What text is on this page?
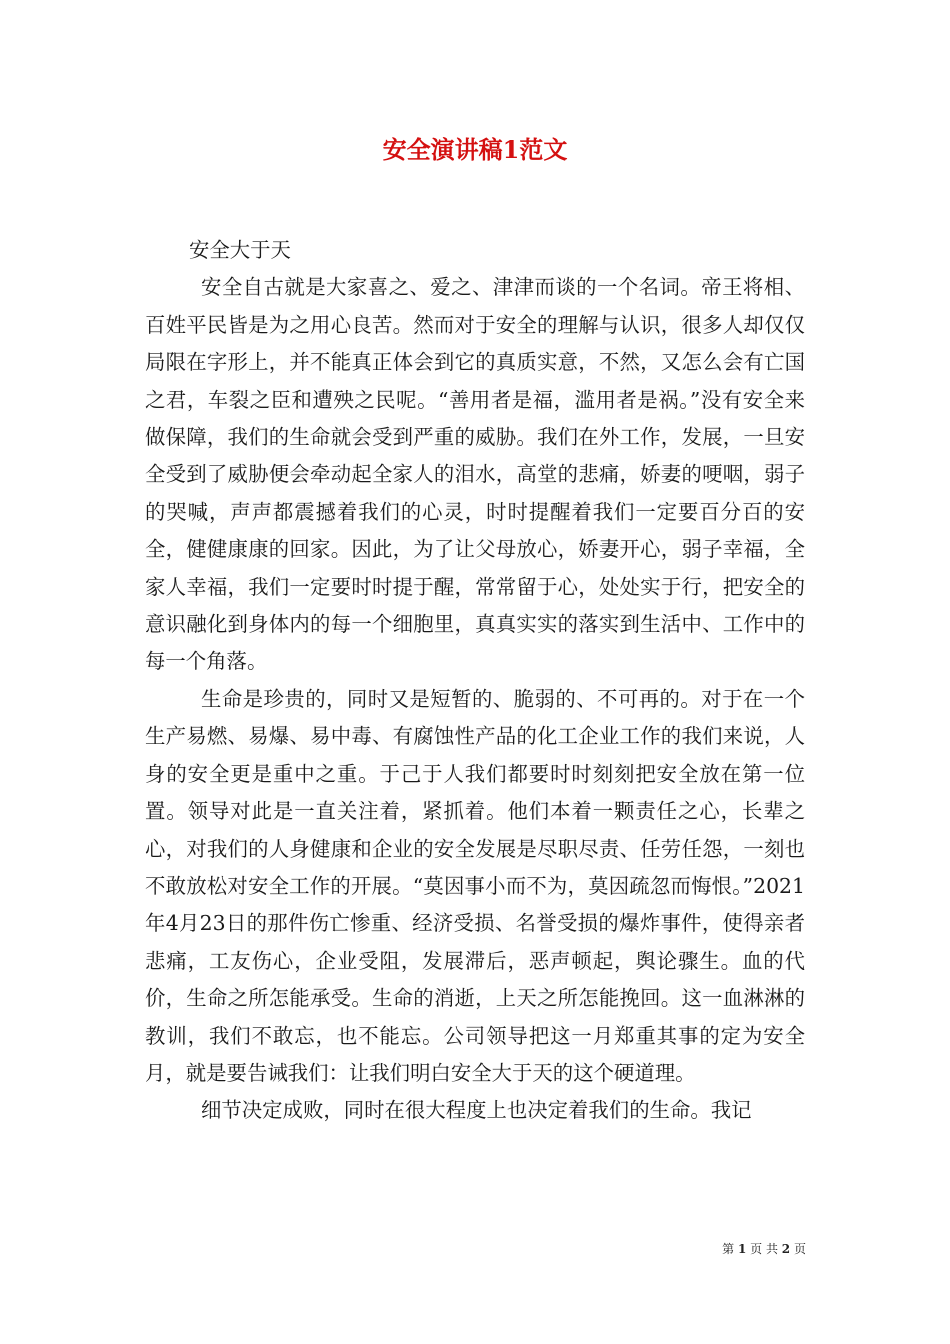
安全演讲稿1范文

安全大于天

安全自古就是大家喜之、爱之、津津而谈的一个名词。帝王将相、百姓平民皆是为之用心良苦。然而对于安全的理解与认识，很多人却仅仅局限在字形上，并不能真正体会到它的真质实意，不然，又怎么会有亡国之君，车裂之臣和遭殃之民呢。“善用者是福，滥用者是祸。”没有安全来做保障，我们的生命就会受到严重的威胁。我们在外工作，发展，一旦安全受到了威胁便会牵动起全家人的泪水，高堂的悲痛，娇妻的哽咽，弱子的哭喊，声声都震撼着我们的心灵，时时提醒着我们一定要百分百的安全，健健康康的回家。因此，为了让父母放心，娇妻开心，弱子幸福，全家人幸福，我们一定要时时提于醒，常常留于心，处处实于行，把安全的意识融化到身体内的每一个细胞里，真真实实的落实到生活中、工作中的每一个角落。

生命是珍贵的，同时又是短暂的、脆弱的、不可再的。对于在一个生产易燃、易爆、易中毒、有腐蚀性产品的化工企业工作的我们来说，人身的安全更是重中之重。于己于人我们都要时时刻刻把安全放在第一位置。领导对此是一直关注着，紧抓着。他们本着一颗责任之心，长辈之心，对我们的人身健康和企业的安全发展是尽职尽责、任劳任怨，一刻也不敢放松对安全工作的开展。“莫因事小而不为，莫因疏忽而悔恨。”2021年4月23日的那件伤亡惨重、经济受损、名誉受损的爆炸事件，使得亲者悲痛，工友伤心，企业受阻，发展滞后，恶声顿起，舆论骤生。血的代价，生命之所怎能承受。生命的消逝，上天之所怎能挽回。这一血淋淋的教训，我们不敢忘，也不能忘。公司领导把这一月郑重其事的定为安全月，就是要告诫我们：让我们明白安全大于天的这个硬道理。

细节决定成败，同时在很大程度上也决定着我们的生命。我记

第 1 页 共 2 页
